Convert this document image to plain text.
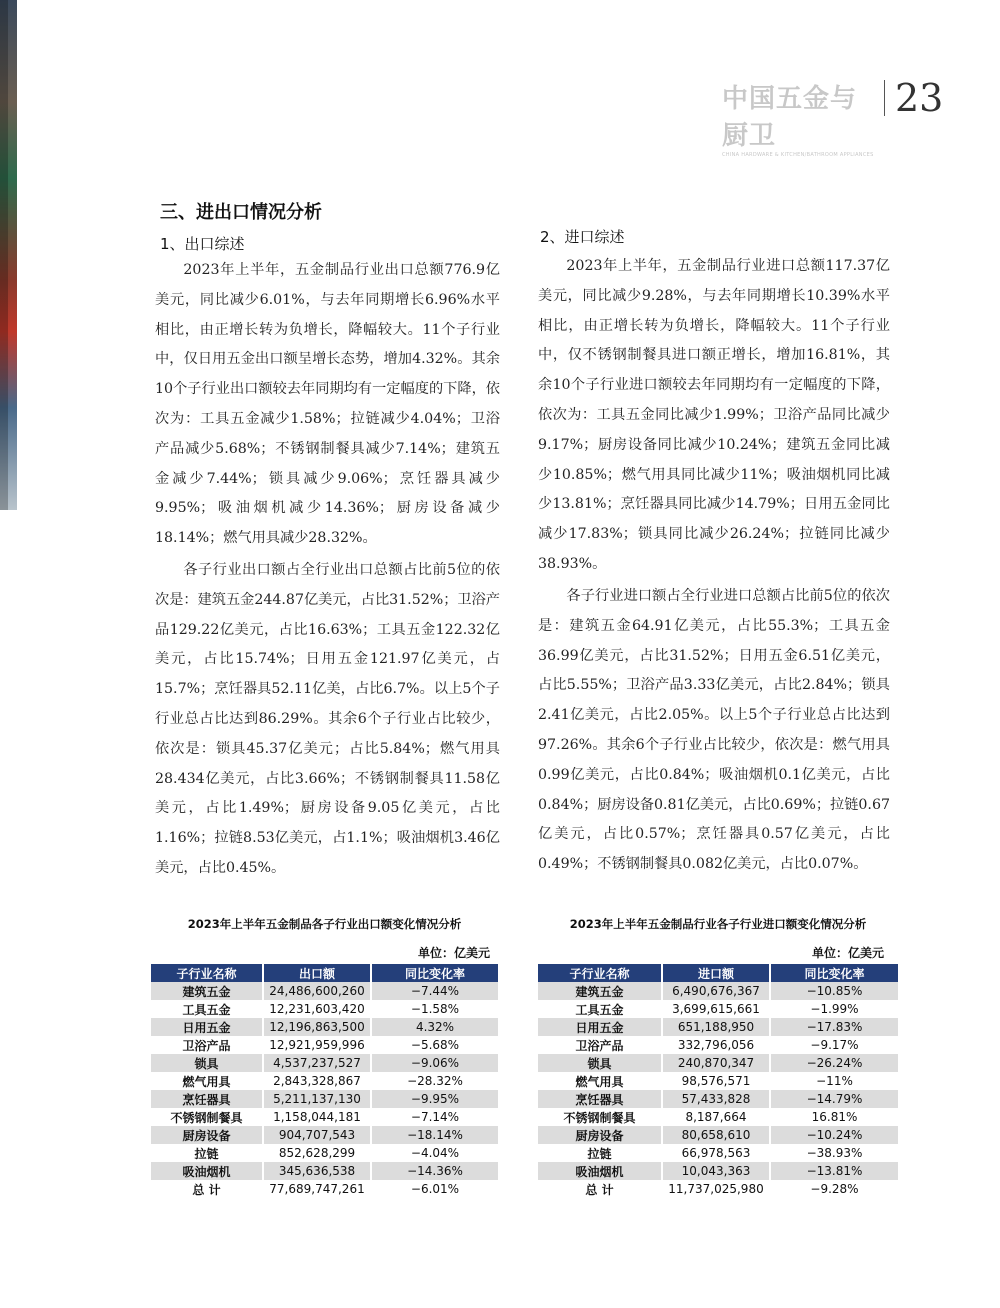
中国五金与厨卫
CHINA HARDWARE & KITCHEN/BATHROOM APPLIANCES
23
三、进出口情况分析
1、出口综述
2023年上半年，五金制品行业出口总额776.9亿美元，同比减少6.01%，与去年同期增长6.96%水平相比，由正增长转为负增长，降幅较大。11个子行业中，仅日用五金出口额呈增长态势，增加4.32%。其余10个子行业出口额较去年同期均有一定幅度的下降，依次为：工具五金减少1.58%；拉链减少4.04%；卫浴产品减少5.68%；不锈钢制餐具减少7.14%；建筑五金减少7.44%；锁具减少9.06%；烹饪器具减少9.95%；吸油烟机减少14.36%；厨房设备减少18.14%；燃气用具减少28.32%。
各子行业出口额占全行业出口总额占比前5位的依次是：建筑五金244.87亿美元，占比31.52%；卫浴产品129.22亿美元，占比16.63%；工具五金122.32亿美元，占比15.74%；日用五金121.97亿美元，占15.7%；烹饪器具52.11亿美，占比6.7%。以上5个子行业总占比达到86.29%。其余6个子行业占比较少，依次是：锁具45.37亿美元；占比5.84%；燃气用具28.434亿美元，占比3.66%；不锈钢制餐具11.58亿美元，占比1.49%；厨房设备9.05亿美元，占比1.16%；拉链8.53亿美元，占1.1%；吸油烟机3.46亿美元，占比0.45%。
2、进口综述
2023年上半年，五金制品行业进口总额117.37亿美元，同比减少9.28%，与去年同期增长10.39%水平相比，由正增长转为负增长，降幅较大。11个子行业中，仅不锈钢制餐具进口额正增长，增加16.81%，其余10个子行业进口额较去年同期均有一定幅度的下降，依次为：工具五金同比减少1.99%；卫浴产品同比减少9.17%；厨房设备同比减少10.24%；建筑五金同比减少10.85%；燃气用具同比减少11%；吸油烟机同比减少13.81%；烹饪器具同比减少14.79%；日用五金同比减少17.83%；锁具同比减少26.24%；拉链同比减少38.93%。
各子行业进口额占全行业进口总额占比前5位的依次是：建筑五金64.91亿美元，占比55.3%；工具五金36.99亿美元，占比31.52%；日用五金6.51亿美元，占比5.55%；卫浴产品3.33亿美元，占比2.84%；锁具2.41亿美元，占比2.05%。以上5个子行业总占比达到97.26%。其余6个子行业占比较少，依次是：燃气用具0.99亿美元，占比0.84%；吸油烟机0.1亿美元，占比0.84%；厨房设备0.81亿美元，占比0.69%；拉链0.67亿美元，占比0.57%；烹饪器具0.57亿美元，占比0.49%；不锈钢制餐具0.082亿美元，占比0.07%。
2023年上半年五金制品各子行业出口额变化情况分析
单位：亿美元
子行业名称	出口额	同比变化率
建筑五金	24,486,600,260	−7.44%
工具五金	12,231,603,420	−1.58%
日用五金	12,196,863,500	4.32%
卫浴产品	12,921,959,996	−5.68%
锁具	4,537,237,527	−9.06%
燃气用具	2,843,328,867	−28.32%
烹饪器具	5,211,137,130	−9.95%
不锈钢制餐具	1,158,044,181	−7.14%
厨房设备	904,707,543	−18.14%
拉链	852,628,299	−4.04%
吸油烟机	345,636,538	−14.36%
总 计	77,689,747,261	−6.01%
2023年上半年五金制品行业各子行业进口额变化情况分析
单位：亿美元
子行业名称	进口额	同比变化率
建筑五金	6,490,676,367	−10.85%
工具五金	3,699,615,661	−1.99%
日用五金	651,188,950	−17.83%
卫浴产品	332,796,056	−9.17%
锁具	240,870,347	−26.24%
燃气用具	98,576,571	−11%
烹饪器具	57,433,828	−14.79%
不锈钢制餐具	8,187,664	16.81%
厨房设备	80,658,610	−10.24%
拉链	66,978,563	−38.93%
吸油烟机	10,043,363	−13.81%
总 计	11,737,025,980	−9.28%
